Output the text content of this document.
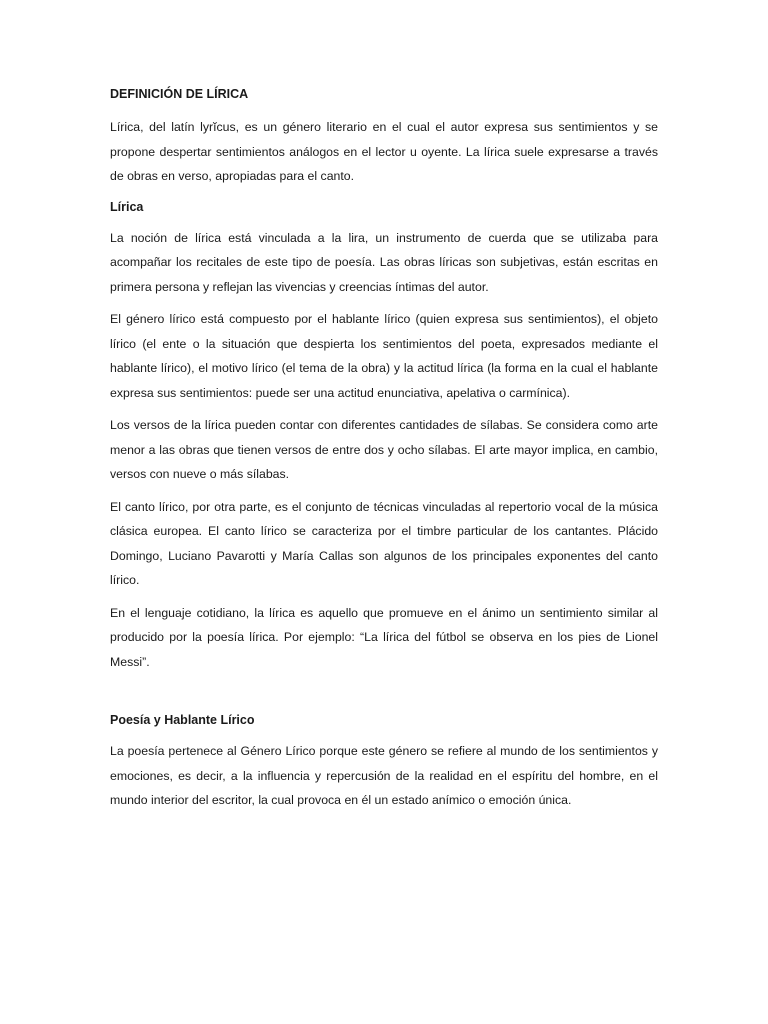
DEFINICIÓN DE LÍRICA

Lírica, del latín lyrĭcus, es un género literario en el cual el autor expresa sus sentimientos y se propone despertar sentimientos análogos en el lector u oyente. La lírica suele expresarse a través de obras en verso, apropiadas para el canto.

Lírica

La noción de lírica está vinculada a la lira, un instrumento de cuerda que se utilizaba para acompañar los recitales de este tipo de poesía. Las obras líricas son subjetivas, están escritas en primera persona y reflejan las vivencias y creencias íntimas del autor.

El género lírico está compuesto por el hablante lírico (quien expresa sus sentimientos), el objeto lírico (el ente o la situación que despierta los sentimientos del poeta, expresados mediante el hablante lírico), el motivo lírico (el tema de la obra) y la actitud lírica (la forma en la cual el hablante expresa sus sentimientos: puede ser una actitud enunciativa, apelativa o carmínica).

Los versos de la lírica pueden contar con diferentes cantidades de sílabas. Se considera como arte menor a las obras que tienen versos de entre dos y ocho sílabas. El arte mayor implica, en cambio, versos con nueve o más sílabas.

El canto lírico, por otra parte, es el conjunto de técnicas vinculadas al repertorio vocal de la música clásica europea. El canto lírico se caracteriza por el timbre particular de los cantantes. Plácido Domingo, Luciano Pavarotti y María Callas son algunos de los principales exponentes del canto lírico.

En el lenguaje cotidiano, la lírica es aquello que promueve en el ánimo un sentimiento similar al producido por la poesía lírica. Por ejemplo: “La lírica del fútbol se observa en los pies de Lionel Messi”.

Poesía y Hablante Lírico

La poesía pertenece al Género Lírico porque este género se refiere al mundo de los sentimientos y emociones, es decir, a la influencia y repercusión de la realidad en el espíritu del hombre, en el mundo interior del escritor, la cual provoca en él un estado anímico o emoción única.
